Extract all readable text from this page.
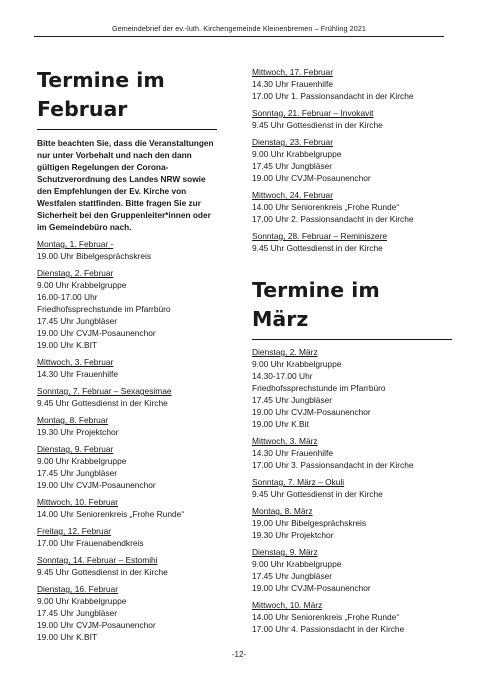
Gemeindebrief der ev.-luth. Kirchengemeinde Kleinenbremen – Frühling 2021
Termine im
Februar
Bitte beachten Sie, dass die Veranstaltungen nur unter Vorbehalt und nach den dann gültigen Regelungen der Corona-Schutzverordnung des Landes NRW sowie den Empfehlungen der Ev. Kirche von Westfalen stattfinden. Bitte fragen Sie zur Sicherheit bei den Gruppenleiter*innen oder im Gemeindebüro nach.
Montag, 1. Februar -
19.00 Uhr Bibelgesprächskreis
Dienstag, 2. Februar
9.00 Uhr Krabbelgruppe
16.00-17.00 Uhr
Friedhofssprechstunde im Pfarrbüro
17.45 Uhr Jungbläser
19.00 Uhr CVJM-Posaunenchor
19.00 Uhr K.BIT
Mittwoch, 3. Februar
14.30 Uhr Frauenhilfe
Sonntag, 7. Februar – Sexagesimae
9.45 Uhr Gottesdienst in der Kirche
Montag, 8. Februar
19.30 Uhr Projektchor
Dienstag, 9. Februar
9.00 Uhr Krabbelgruppe
17.45 Uhr Jungbläser
19.00 Uhr CVJM-Posaunenchor
Mittwoch, 10. Februar
14.00 Uhr Seniorenkreis „Frohe Runde“
Freitag, 12. Februar
17.00 Uhr Frauenabendkreis
Sonntag, 14. Februar – Estomihi
9.45 Uhr Gottesdienst in der Kirche
Dienstag, 16. Februar
9.00 Uhr Krabbelgruppe
17.45 Uhr Jungbläser
19.00 Uhr CVJM-Posaunenchor
19.00 Uhr K.BIT
Mittwoch, 17. Februar
14.30 Uhr Frauenhilfe
17.00 Uhr 1. Passionsandacht in der Kirche
Sonntag, 21. Februar – Invokavit
9.45 Uhr Gottesdienst in der Kirche
Dienstag, 23. Februar
9.00 Uhr Krabbelgruppe
17.45 Uhr Jungbläser
19.00 Uhr CVJM-Posaunenchor
Mittwoch, 24. Februar
14.00 Uhr Seniorenkreis „Frohe Runde“
17.00 Uhr 2. Passionsandacht in der Kirche
Sonntag, 28. Februar – Reminiszere
9.45 Uhr Gottesdienst in der Kirche
Termine im
März
Dienstag, 2. März
9.00 Uhr Krabbelgruppe
14.30-17.00 Uhr
Friedhofssprechstunde im Pfarrbüro
17.45 Uhr Jungbläser
19.00 Uhr CVJM-Posaunenchor
19.00 Uhr K.Bit
Mittwoch, 3. März
14.30 Uhr Frauenhilfe
17.00 Uhr 3. Passionsandacht in der Kirche
Sonntag, 7. März – Okuli
9.45 Uhr Gottesdienst in der Kirche
Montag, 8. März
19.00 Uhr Bibelgesprächskreis
19.30 Uhr Projektchor
Dienstag, 9. März
9.00 Uhr Krabbelgruppe
17.45 Uhr Jungbläser
19.00 Uhr CVJM-Posaunenchor
Mittwoch, 10. März
14.00 Uhr Seniorenkreis „Frohe Runde“
17.00 Uhr 4. Passionsdacht in der Kirche
-12-
